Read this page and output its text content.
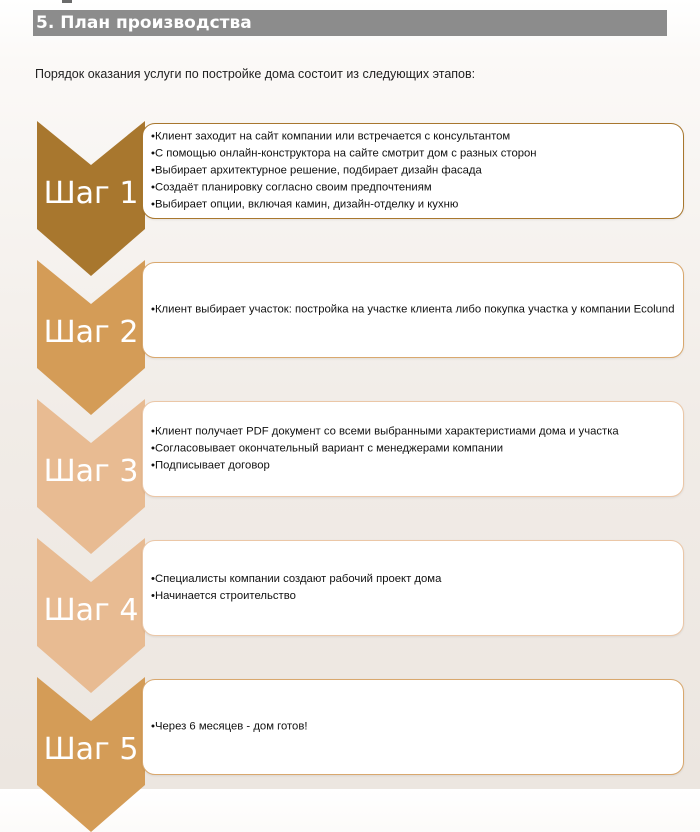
5. План производства
Порядок оказания услуги по постройке дома состоит из следующих этапов:
Шаг 1
• Клиент заходит на сайт компании или встречается с консультантом
• С помощью онлайн-конструктора на сайте смотрит дом с разных сторон
• Выбирает архитектурное решение, подбирает дизайн фасада
• Создаёт планировку согласно своим предпочтениям
• Выбирает опции, включая камин, дизайн-отделку и кухню
Шаг 2
• Клиент выбирает участок: постройка на участке клиента либо покупка участка у компании Ecolund
Шаг 3
• Клиент получает PDF документ со всеми выбранными характеристиами дома и участка
• Согласовывает окончательный вариант с менеджерами компании
• Подписывает договор
Шаг 4
• Специалисты компании создают рабочий проект дома
• Начинается строительство
Шаг 5
• Через 6 месяцев - дом готов!
